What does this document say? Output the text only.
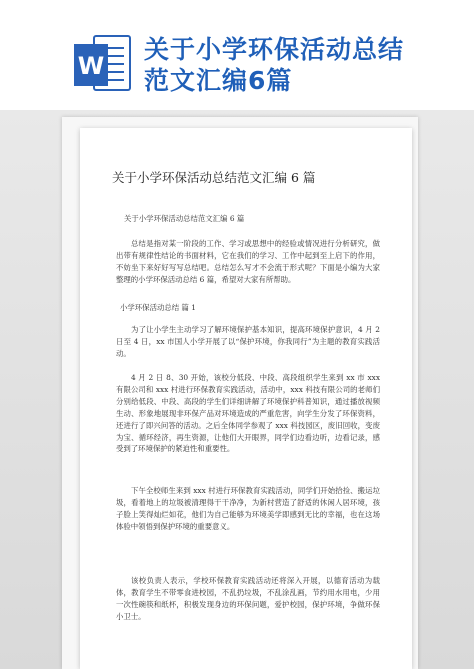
W
关于小学环保活动总结
范文汇编6篇
关于小学环保活动总结范文汇编 6 篇
关于小学环保活动总结范文汇编 6 篇

总结是指对某一阶段的工作、学习或思想中的经验或情况进行分析研究，做出带有规律性结论的书面材料，它在我们的学习、工作中起到至上启下的作用，不妨坐下来好好写写总结吧。总结怎么写才不会流于形式呢？下面是小编为大家整理的小学环保活动总结 6 篇，希望对大家有所帮助。

小学环保活动总结 篇 1

为了让小学生主动学习了解环境保护基本知识，提高环境保护意识，4 月 2 日至 4 日，xx 市国人小学开展了以“保护环境，你我同行”为主题的教育实践活动。

4 月 2 日 8、30 开始，该校分低段、中段、高段组织学生来到 xx 市 xxx 有限公司和 xxx 村进行环保教育实践活动，活动中，xxx 科技有限公司的老师们分别给低段、中段、高段的学生们详细讲解了环境保护科普知识，通过播放视频生动、形象地展现非环保产品对环境造成的严重危害，向学生分发了环保资料，还进行了即兴问答的活动。之后全体同学参观了 xxx 科技园区，废旧回收，变废为宝、循环经济，再生资源，让他们大开眼界，同学们边看边听，边看记录，感受到了环境保护的紧迫性和重要性。

下午全校师生来到 xxx 村进行环保教育实践活动，同学们开始拾捡、搬运垃圾，看着地上的垃圾被清理得干干净净，为新村营造了舒适的休闲人居环境，孩子脸上笑得灿烂如花，他们为自己能够为环境美学即感到无比的幸福，也在这场体验中领悟到保护环境的重要意义。

该校负责人表示，学校环保教育实践活动还将深入开展，以德育活动为载体，教育学生不带零食进校园，不乱扔垃圾，不乱涂乱画，节约用水用电，少用一次性碗筷和纸杯，积极发现身边的环保问题，爱护校园，保护环境，争做环保小卫士。
